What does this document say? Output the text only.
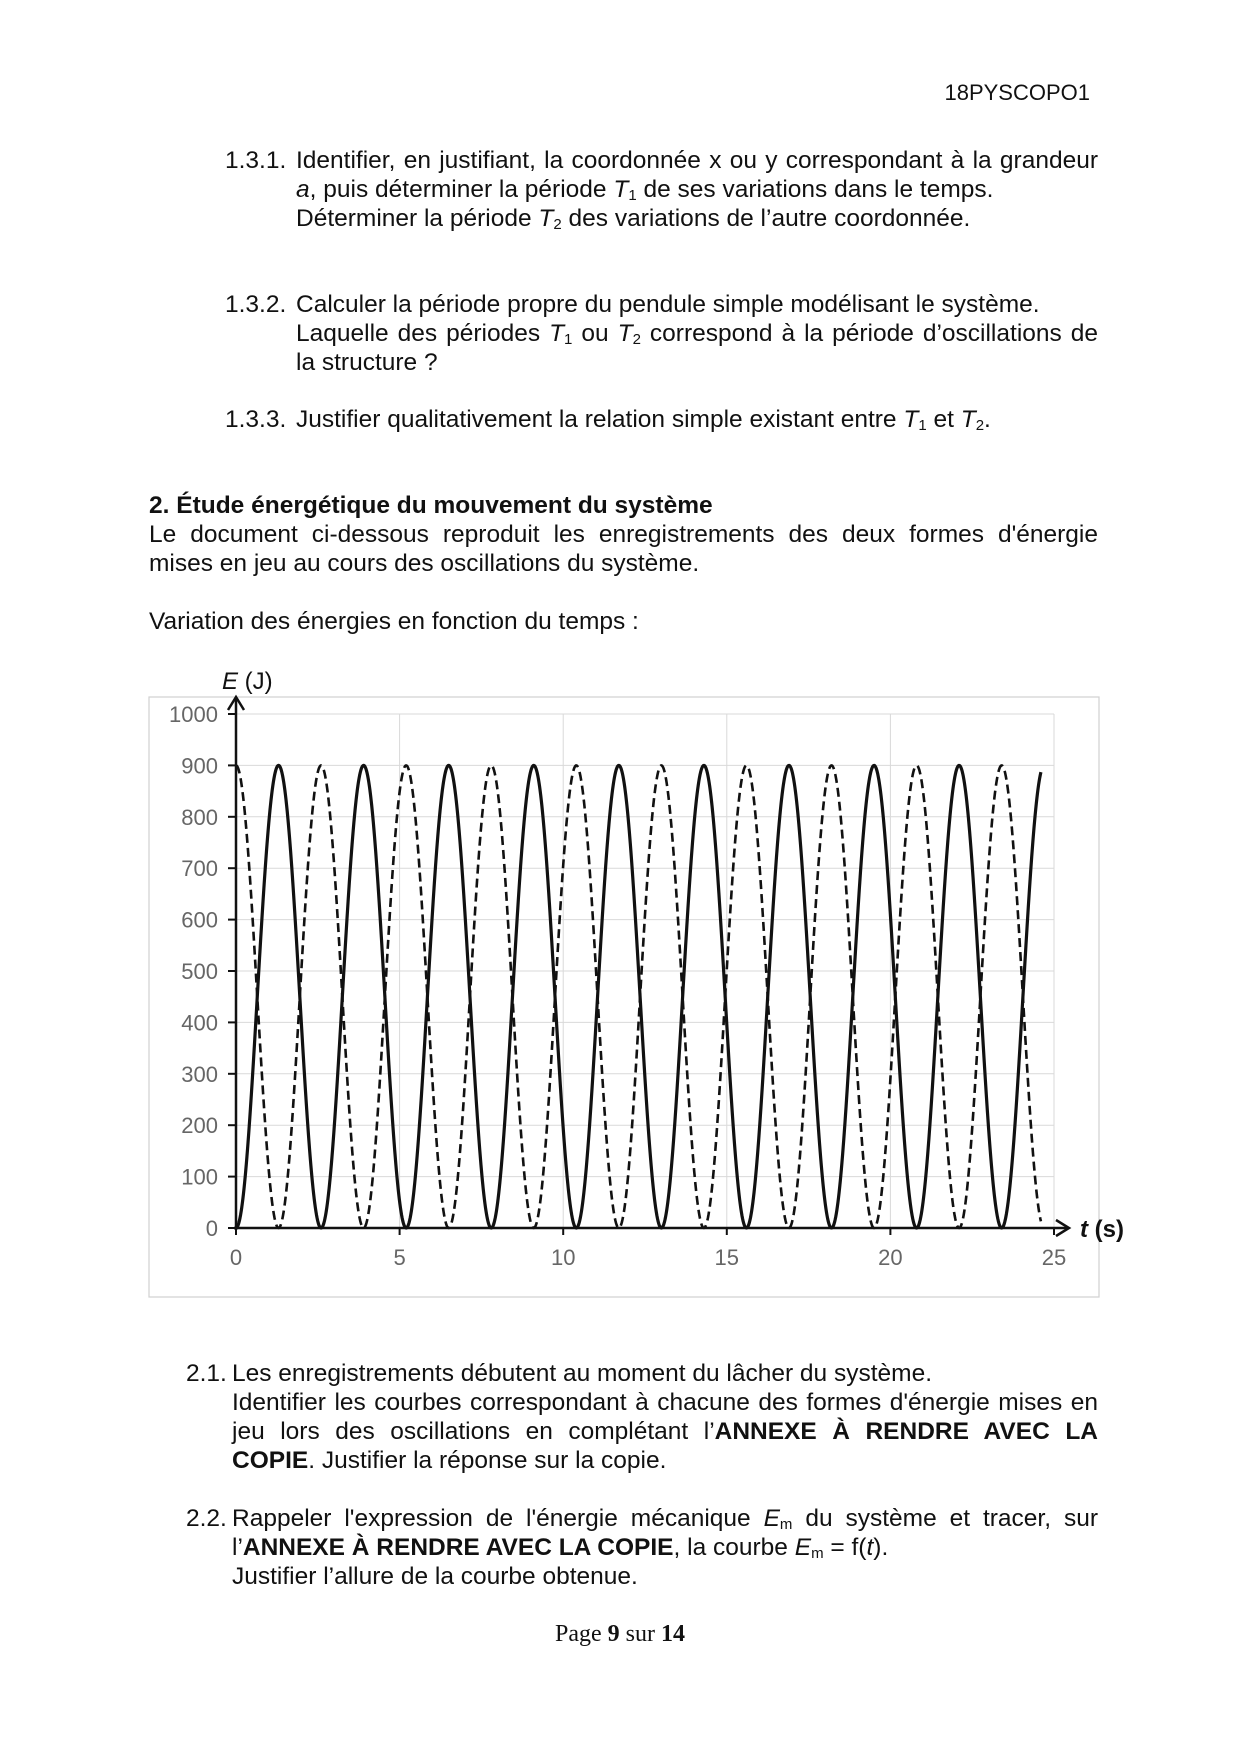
18PYSCOPO1
1.3.1. Identifier, en justifiant, la coordonnée x ou y correspondant à la grandeur a, puis déterminer la période $T_1$ de ses variations dans le temps.

Déterminer la période $T_2$ des variations de l’autre coordonnée.

1.3.2. Calculer la période propre du pendule simple modélisant le système.

Laquelle des périodes $T_1$ ou $T_2$ correspond à la période d’oscillations de la structure ?

1.3.3. Justifier qualitativement la relation simple existant entre $T_1$ et $T_2$.

2. Étude énergétique du mouvement du système

Le document ci-dessous reproduit les enregistrements des deux formes d'énergie mises en jeu au cours des oscillations du système.

Variation des énergies en fonction du temps :

0
100
200
300
400
500
600
700
800
900
1000
0	5	10	15	20	25
E (J)
t (s)
2.1. Les enregistrements débutent au moment du lâcher du système.

Identifier les courbes correspondant à chacune des formes d'énergie mises en jeu lors des oscillations en complétant l’ANNEXE À RENDRE AVEC LA COPIE. Justifier la réponse sur la copie.

2.2. Rappeler l'expression de l'énergie mécanique $E_m$ du système et tracer, sur l’ANNEXE À RENDRE AVEC LA COPIE, la courbe $E_m = f(t)$.

Justifier l’allure de la courbe obtenue.

Page 9 sur 14
